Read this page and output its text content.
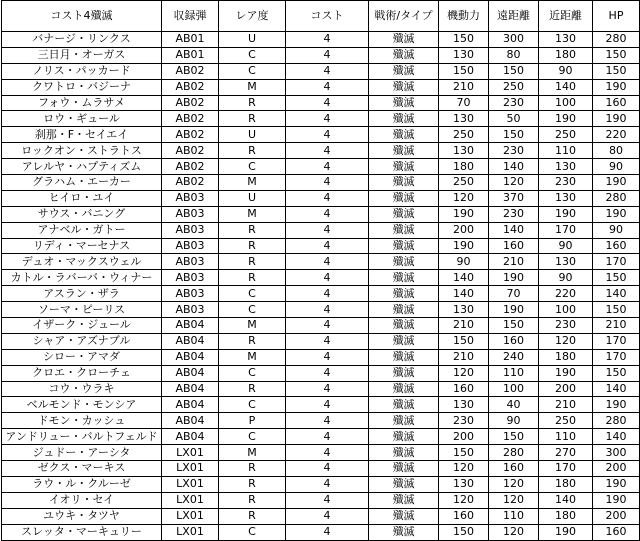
コスト4殲滅	収録弾	レア度	コスト	戦術/タイプ	機動力	遠距離	近距離	HP
バナージ・リンクス	AB01	U	4	殲滅	150	300	130	280
三日月・オーガス	AB01	C	4	殲滅	130	80	180	150
ノリス・パッカード	AB02	C	4	殲滅	150	150	90	150
クワトロ・バジーナ	AB02	M	4	殲滅	210	250	140	190
フォウ・ムラサメ	AB02	R	4	殲滅	70	230	100	160
ロウ・ギュール	AB02	R	4	殲滅	130	50	190	190
刹那・F・セイエイ	AB02	U	4	殲滅	250	150	250	220
ロックオン・ストラトス	AB02	R	4	殲滅	130	230	110	80
アレルヤ・ハプティズム	AB02	C	4	殲滅	180	140	130	90
グラハム・エーカー	AB02	M	4	殲滅	250	120	230	190
ヒイロ・ユイ	AB03	U	4	殲滅	120	370	130	280
サウス・バニング	AB03	M	4	殲滅	190	230	190	190
アナベル・ガトー	AB03	R	4	殲滅	200	140	170	90
リディ・マーセナス	AB03	R	4	殲滅	190	160	90	160
デュオ・マックスウェル	AB03	R	4	殲滅	90	210	130	170
カトル・ラバーバ・ウィナー	AB03	R	4	殲滅	140	190	90	150
アスラン・ザラ	AB03	C	4	殲滅	140	70	220	140
ソーマ・ピーリス	AB03	C	4	殲滅	130	190	100	150
イザーク・ジュール	AB04	M	4	殲滅	210	150	230	210
シャア・アズナブル	AB04	R	4	殲滅	150	160	120	170
シロー・アマダ	AB04	M	4	殲滅	210	240	180	170
クロエ・クローチェ	AB04	C	4	殲滅	120	110	190	150
コウ・ウラキ	AB04	R	4	殲滅	160	100	200	140
ベルモンド・モンシア	AB04	C	4	殲滅	130	40	210	190
ドモン・カッシュ	AB04	P	4	殲滅	230	90	250	280
アンドリュー・バルトフェルド	AB04	C	4	殲滅	200	150	110	140
ジュドー・アーシタ	LX01	M	4	殲滅	150	280	270	300
ゼクス・マーキス	LX01	R	4	殲滅	120	160	170	200
ラウ・ル・クルーゼ	LX01	R	4	殲滅	130	120	180	190
イオリ・セイ	LX01	R	4	殲滅	120	120	140	190
ユウキ・タツヤ	LX01	R	4	殲滅	160	110	180	200
スレッタ・マーキュリー	LX01	C	4	殲滅	150	120	190	160
